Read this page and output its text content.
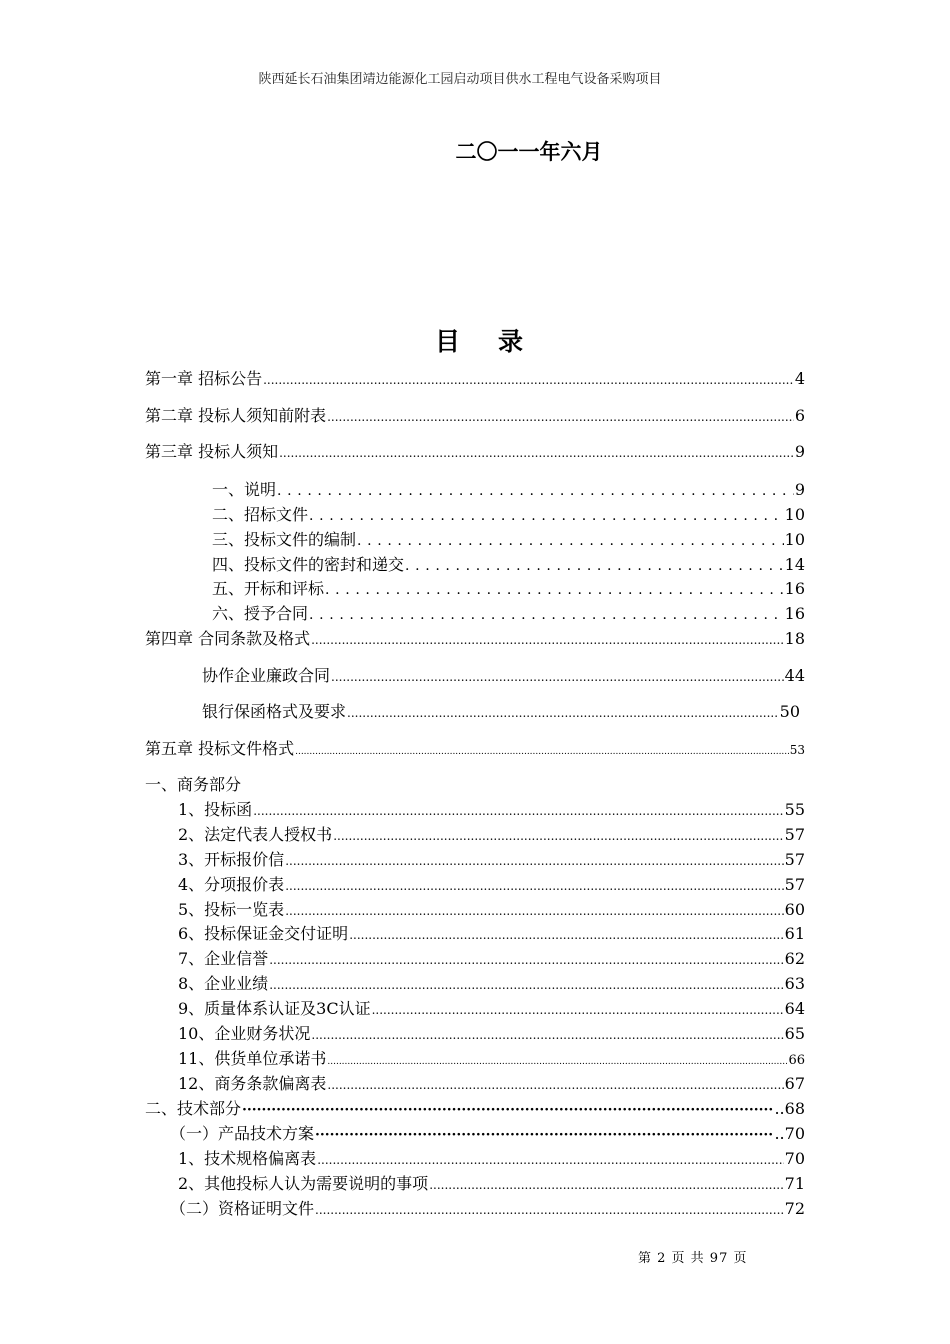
陕西延长石油集团靖边能源化工园启动项目供水工程电气设备采购项目
二〇一一年六月
目录
第一章 招标公告 .....	4
第二章 投标人须知前附表 .....	6
第三章 投标人须知 .....	9
一、说明 . . .	9
二、招标文件 . . .	10
三、投标文件的编制 . . .	10
四、投标文件的密封和递交 . . .	14
五、开标和评标 . . .	16
六、授予合同 . . .	16
第四章 合同条款及格式 .....	18
协作企业廉政合同 .....	44
银行保函格式及要求 .....	50
第五章 投标文件格式 .....	53
一、商务部分
1、投标函 .....	55
2、法定代表人授权书 .....	57
3、开标报价信 .....	57
4、分项报价表 .....	57
5、投标一览表 .....	60
6、投标保证金交付证明 .....	61
7、企业信誉 .....	62
8、企业业绩 .....	63
9、质量体系认证及3C认证 .....	64
10、企业财务状况 .....	65
11、供货单位承诺书 .....	66
12、商务条款偏离表 .....	67
二、技术部分 ·····	..68
（一）产品技术方案 ·····	..70
1、技术规格偏离表 .....	70
2、其他投标人认为需要说明的事项 .....	71
（二）资格证明文件 .....	72
第 2 页 共 97 页
